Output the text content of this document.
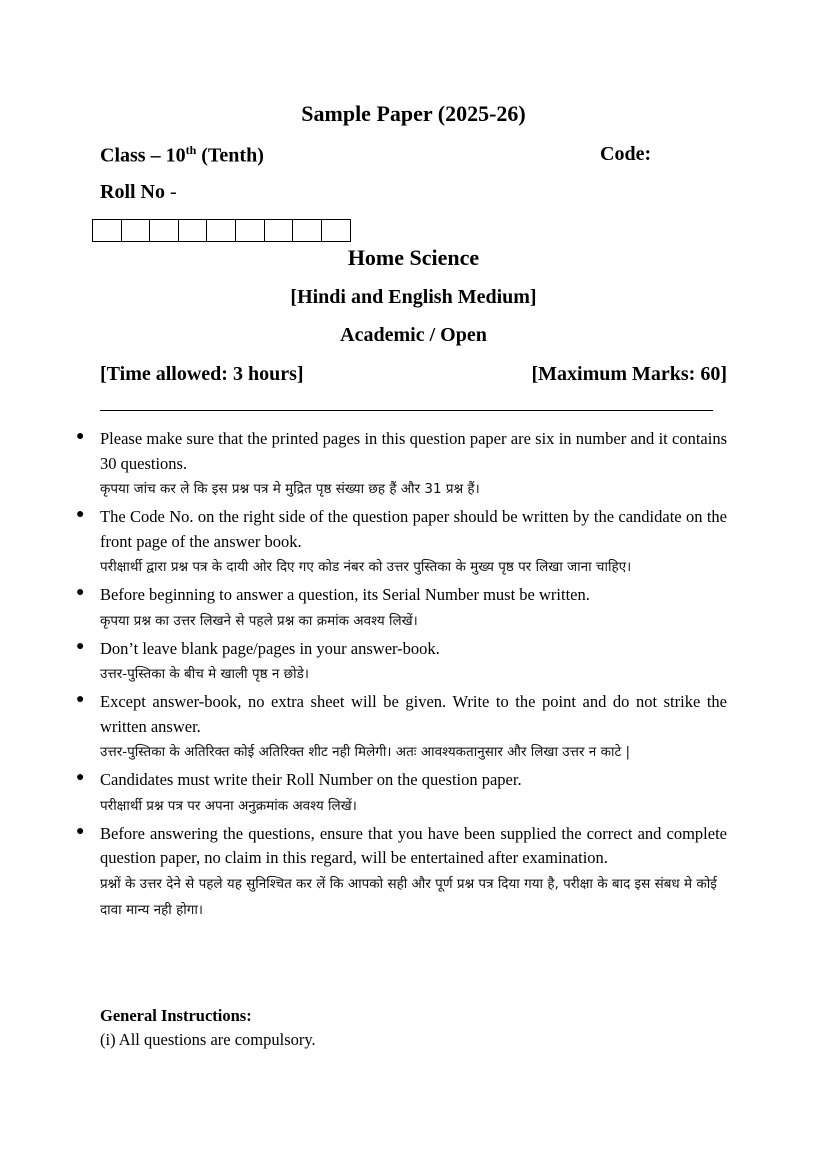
Sample Paper (2025-26)
Class – 10th (Tenth)	Code:
Roll No -
Home Science
[Hindi and English Medium]
Academic / Open
[Time allowed: 3 hours]	[Maximum Marks: 60]
● Please make sure that the printed pages in this question paper are six in number and it contains 30 questions.
कृपया जांच कर ले कि इस प्रश्न पत्र मे मुद्रित पृष्ठ संख्या छह हैं और 31 प्रश्न हैं।
● The Code No. on the right side of the question paper should be written by the candidate on the front page of the answer book.
परीक्षार्थी द्वारा प्रश्न पत्र के दायी ओर दिए गए कोड नंबर को उत्तर पुस्तिका के मुख्य पृष्ठ पर लिखा जाना चाहिए।
● Before beginning to answer a question, its Serial Number must be written.
कृपया प्रश्न का उत्तर लिखने से पहले प्रश्न का क्रमांक अवश्य लिखें।
● Don’t leave blank page/pages in your answer-book.
उत्तर-पुस्तिका के बीच मे खाली पृष्ठ न छोडे।
● Except answer-book, no extra sheet will be given. Write to the point and do not strike the written answer.
उत्तर-पुस्तिका के अतिरिक्त कोई अतिरिक्त शीट नही मिलेगी। अतः आवश्यकतानुसार और लिखा उत्तर न काटे |
● Candidates must write their Roll Number on the question paper.
परीक्षार्थी प्रश्न पत्र पर अपना अनुक्रमांक अवश्य लिखें।
● Before answering the questions, ensure that you have been supplied the correct and complete question paper, no claim in this regard, will be entertained after examination.
प्रश्नों के उत्तर देने से पहले यह सुनिश्चित कर लें कि आपको सही और पूर्ण प्रश्न पत्र दिया गया है, परीक्षा के बाद इस संबध मे कोई दावा मान्य नही होगा।
General Instructions:
(i) All questions are compulsory.
